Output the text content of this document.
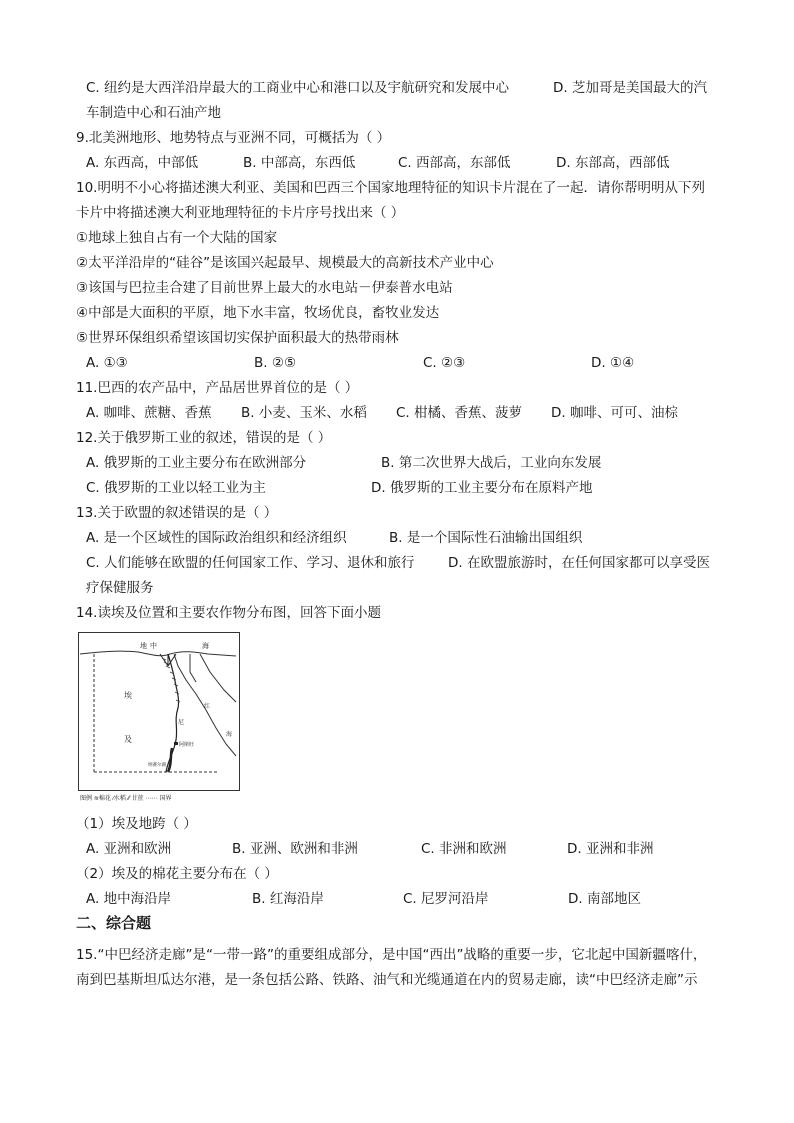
C. 纽约是大西洋沿岸最大的工商业中心和港口以及宇航研究和发展中心	D. 芝加哥是美国最大的汽
车制造中心和石油产地
9.北美洲地形、地势特点与亚洲不同，可概括为（ ）
A. 东西高，中部低	B. 中部高，东西低	C. 西部高，东部低	D. 东部高，西部低
10.明明不小心将描述澳大利亚、美国和巴西三个国家地理特征的知识卡片混在了一起．请你帮明明从下列
卡片中将描述澳大利亚地理特征的卡片序号找出来（ ）
①地球上独自占有一个大陆的国家
②太平洋沿岸的“硅谷”是该国兴起最早、规模最大的高新技术产业中心
③该国与巴拉圭合建了目前世界上最大的水电站－伊泰普水电站
④中部是大面积的平原，地下水丰富，牧场优良，畜牧业发达
⑤世界环保组织希望该国切实保护面积最大的热带雨林
A. ①③	B. ②⑤	C. ②③	D. ①④
11.巴西的农产品中，产品居世界首位的是（ ）
A. 咖啡、蔗糖、香蕉 B. 小麦、玉米、水稻 C. 柑橘、香蕉、菠萝 D. 咖啡、可可、油棕
12.关于俄罗斯工业的叙述，错误的是（ ）
A. 俄罗斯的工业主要分布在欧洲部分	B. 第二次世界大战后，工业向东发展
C. 俄罗斯的工业以轻工业为主	D. 俄罗斯的工业主要分布在原料产地
13.关于欧盟的叙述错误的是（ ）
A. 是一个区域性的国际政治组织和经济组织	B. 是一个国际性石油输出国组织
C. 人们能够在欧盟的任何国家工作、学习、退休和旅行 D. 在欧盟旅游时，在任何国家都可以享受医
疗保健服务
14.读埃及位置和主要农作物分布图，回答下面小题
地 中	海
埃
及
红
海
尼
阿斯旺
纳赛尔湖
图例 ≋棉花 ⁄水稻 ⁄⁄ 甘蔗 ⋯⋯ 国界
（1）埃及地跨（ ）
A. 亚洲和欧洲	B. 亚洲、欧洲和非洲	C. 非洲和欧洲	D. 亚洲和非洲
（2）埃及的棉花主要分布在（ ）
A. 地中海沿岸	B. 红海沿岸	C. 尼罗河沿岸	D. 南部地区
二、综合题
15.“中巴经济走廊”是“一带一路”的重要组成部分，是中国“西出”战略的重要一步，它北起中国新疆喀什，
南到巴基斯坦瓜达尔港，是一条包括公路、铁路、油气和光缆通道在内的贸易走廊，读“中巴经济走廊”示
